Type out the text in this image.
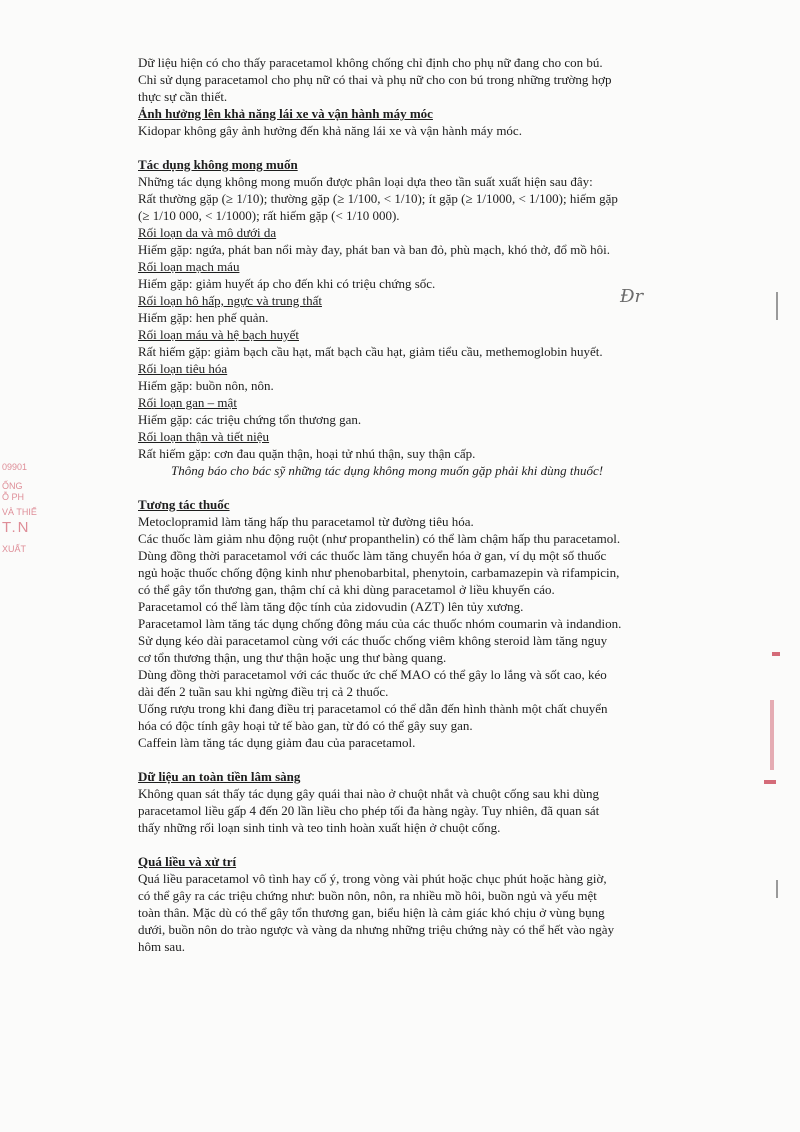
Dữ liệu hiện có cho thấy paracetamol không chống chỉ định cho phụ nữ đang cho con bú.
Chỉ sử dụng paracetamol cho phụ nữ có thai và phụ nữ cho con bú trong những trường hợp
thực sự cần thiết.
Ảnh hưởng lên khả năng lái xe và vận hành máy móc
Kidopar không gây ảnh hưởng đến khả năng lái xe và vận hành máy móc.
Tác dụng không mong muốn
Những tác dụng không mong muốn được phân loại dựa theo tần suất xuất hiện sau đây:
Rất thường gặp (≥ 1/10); thường gặp (≥ 1/100, < 1/10); ít gặp (≥ 1/1000, < 1/100); hiếm gặp
(≥ 1/10 000, < 1/1000); rất hiếm gặp (< 1/10 000).
Rối loạn da và mô dưới da
Hiếm gặp: ngứa, phát ban nổi mày đay, phát ban và ban đỏ, phù mạch, khó thở, đổ mồ hôi.
Rối loạn mạch máu
Hiếm gặp: giảm huyết áp cho đến khi có triệu chứng sốc.
Rối loạn hô hấp, ngực và trung thất
Hiếm gặp: hen phế quản.
Rối loạn máu và hệ bạch huyết
Rất hiếm gặp: giảm bạch cầu hạt, mất bạch cầu hạt, giảm tiểu cầu, methemoglobin huyết.
Rối loạn tiêu hóa
Hiếm gặp: buồn nôn, nôn.
Rối loạn gan – mật
Hiếm gặp: các triệu chứng tổn thương gan.
Rối loạn thận và tiết niệu
Rất hiếm gặp: cơn đau quặn thận, hoại tử nhú thận, suy thận cấp.
Thông báo cho bác sỹ những tác dụng không mong muốn gặp phải khi dùng thuốc!
Tương tác thuốc
Metoclopramid làm tăng hấp thu paracetamol từ đường tiêu hóa.
Các thuốc làm giảm nhu động ruột (như propanthelin) có thể làm chậm hấp thu paracetamol.
Dùng đồng thời paracetamol với các thuốc làm tăng chuyển hóa ở gan, ví dụ một số thuốc
ngủ hoặc thuốc chống động kinh như phenobarbital, phenytoin, carbamazepin và rifampicin,
có thể gây tổn thương gan, thậm chí cả khi dùng paracetamol ở liều khuyến cáo.
Paracetamol có thể làm tăng độc tính của zidovudin (AZT) lên tủy xương.
Paracetamol làm tăng tác dụng chống đông máu của các thuốc nhóm coumarin và indandion.
Sử dụng kéo dài paracetamol cùng với các thuốc chống viêm không steroid làm tăng nguy
cơ tổn thương thận, ung thư thận hoặc ung thư bàng quang.
Dùng đồng thời paracetamol với các thuốc ức chế MAO có thể gây lo lắng và sốt cao, kéo
dài đến 2 tuần sau khi ngừng điều trị cả 2 thuốc.
Uống rượu trong khi đang điều trị paracetamol có thể dẫn đến hình thành một chất chuyển
hóa có độc tính gây hoại tử tế bào gan, từ đó có thể gây suy gan.
Caffein làm tăng tác dụng giảm đau của paracetamol.
Dữ liệu an toàn tiền lâm sàng
Không quan sát thấy tác dụng gây quái thai nào ở chuột nhắt và chuột cống sau khi dùng
paracetamol liều gấp 4 đến 20 lần liều cho phép tối đa hàng ngày. Tuy nhiên, đã quan sát
thấy những rối loạn sinh tinh và teo tinh hoàn xuất hiện ở chuột cống.
Quá liều và xử trí
Quá liều paracetamol vô tình hay cố ý, trong vòng vài phút hoặc chục phút hoặc hàng giờ,
có thể gây ra các triệu chứng như: buồn nôn, nôn, ra nhiều mồ hôi, buồn ngủ và yếu mệt
toàn thân. Mặc dù có thể gây tổn thương gan, biểu hiện là cảm giác khó chịu ở vùng bụng
dưới, buồn nôn do trào ngược và vàng da nhưng những triệu chứng này có thể hết vào ngày
hôm sau.
09901
ỐNG
Ỗ PH
VÀ THIẾ
T.N
XUẤT
Ðr
